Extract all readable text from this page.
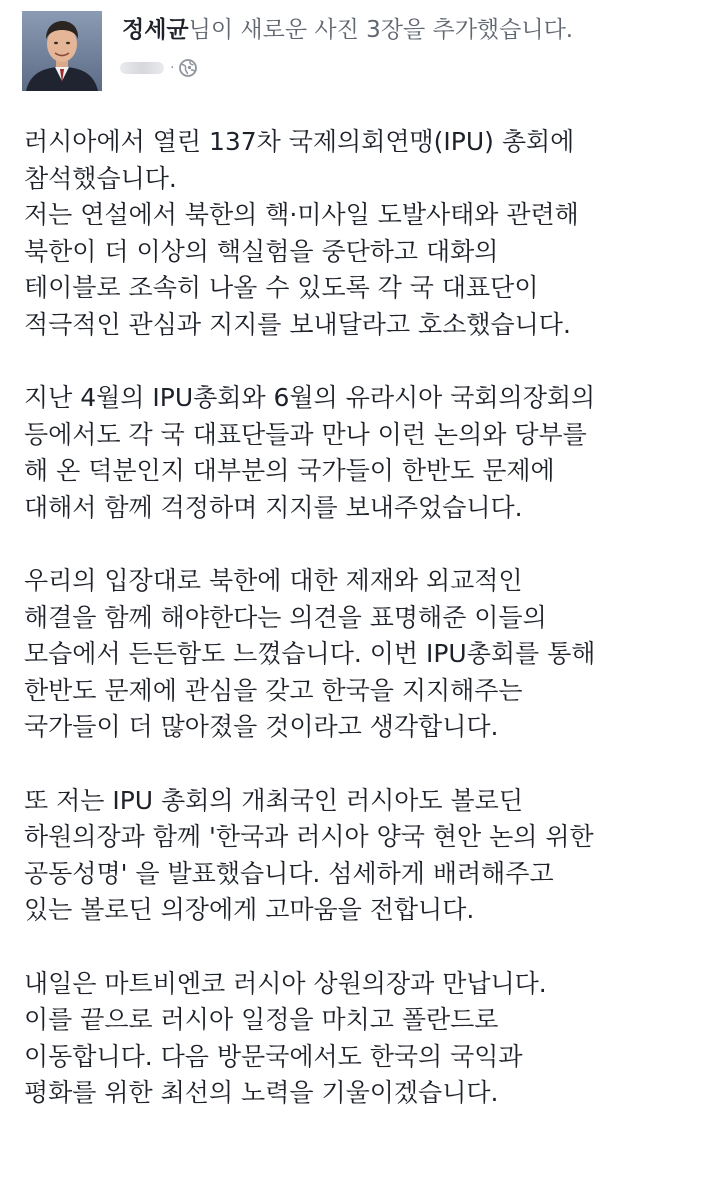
정세균님이 새로운 사진 3장을 추가했습니다.
·

러시아에서 열린 137차 국제의회연맹(IPU) 총회에
참석했습니다.
저는 연설에서 북한의 핵·미사일 도발사태와 관련해
북한이 더 이상의 핵실험을 중단하고 대화의
테이블로 조속히 나올 수 있도록 각 국 대표단이
적극적인 관심과 지지를 보내달라고 호소했습니다.

지난 4월의 IPU총회와 6월의 유라시아 국회의장회의
등에서도 각 국 대표단들과 만나 이런 논의와 당부를
해 온 덕분인지 대부분의 국가들이 한반도 문제에
대해서 함께 걱정하며 지지를 보내주었습니다.

우리의 입장대로 북한에 대한 제재와 외교적인
해결을 함께 해야한다는 의견을 표명해준 이들의
모습에서 든든함도 느꼈습니다. 이번 IPU총회를 통해
한반도 문제에 관심을 갖고 한국을 지지해주는
국가들이 더 많아졌을 것이라고 생각합니다.

또 저는 IPU 총회의 개최국인 러시아도 볼로딘
하원의장과 함께 '한국과 러시아 양국 현안 논의 위한
공동성명' 을 발표했습니다. 섬세하게 배려해주고
있는 볼로딘 의장에게 고마움을 전합니다.

내일은 마트비엔코 러시아 상원의장과 만납니다.
이를 끝으로 러시아 일정을 마치고 폴란드로
이동합니다. 다음 방문국에서도 한국의 국익과
평화를 위한 최선의 노력을 기울이겠습니다.
